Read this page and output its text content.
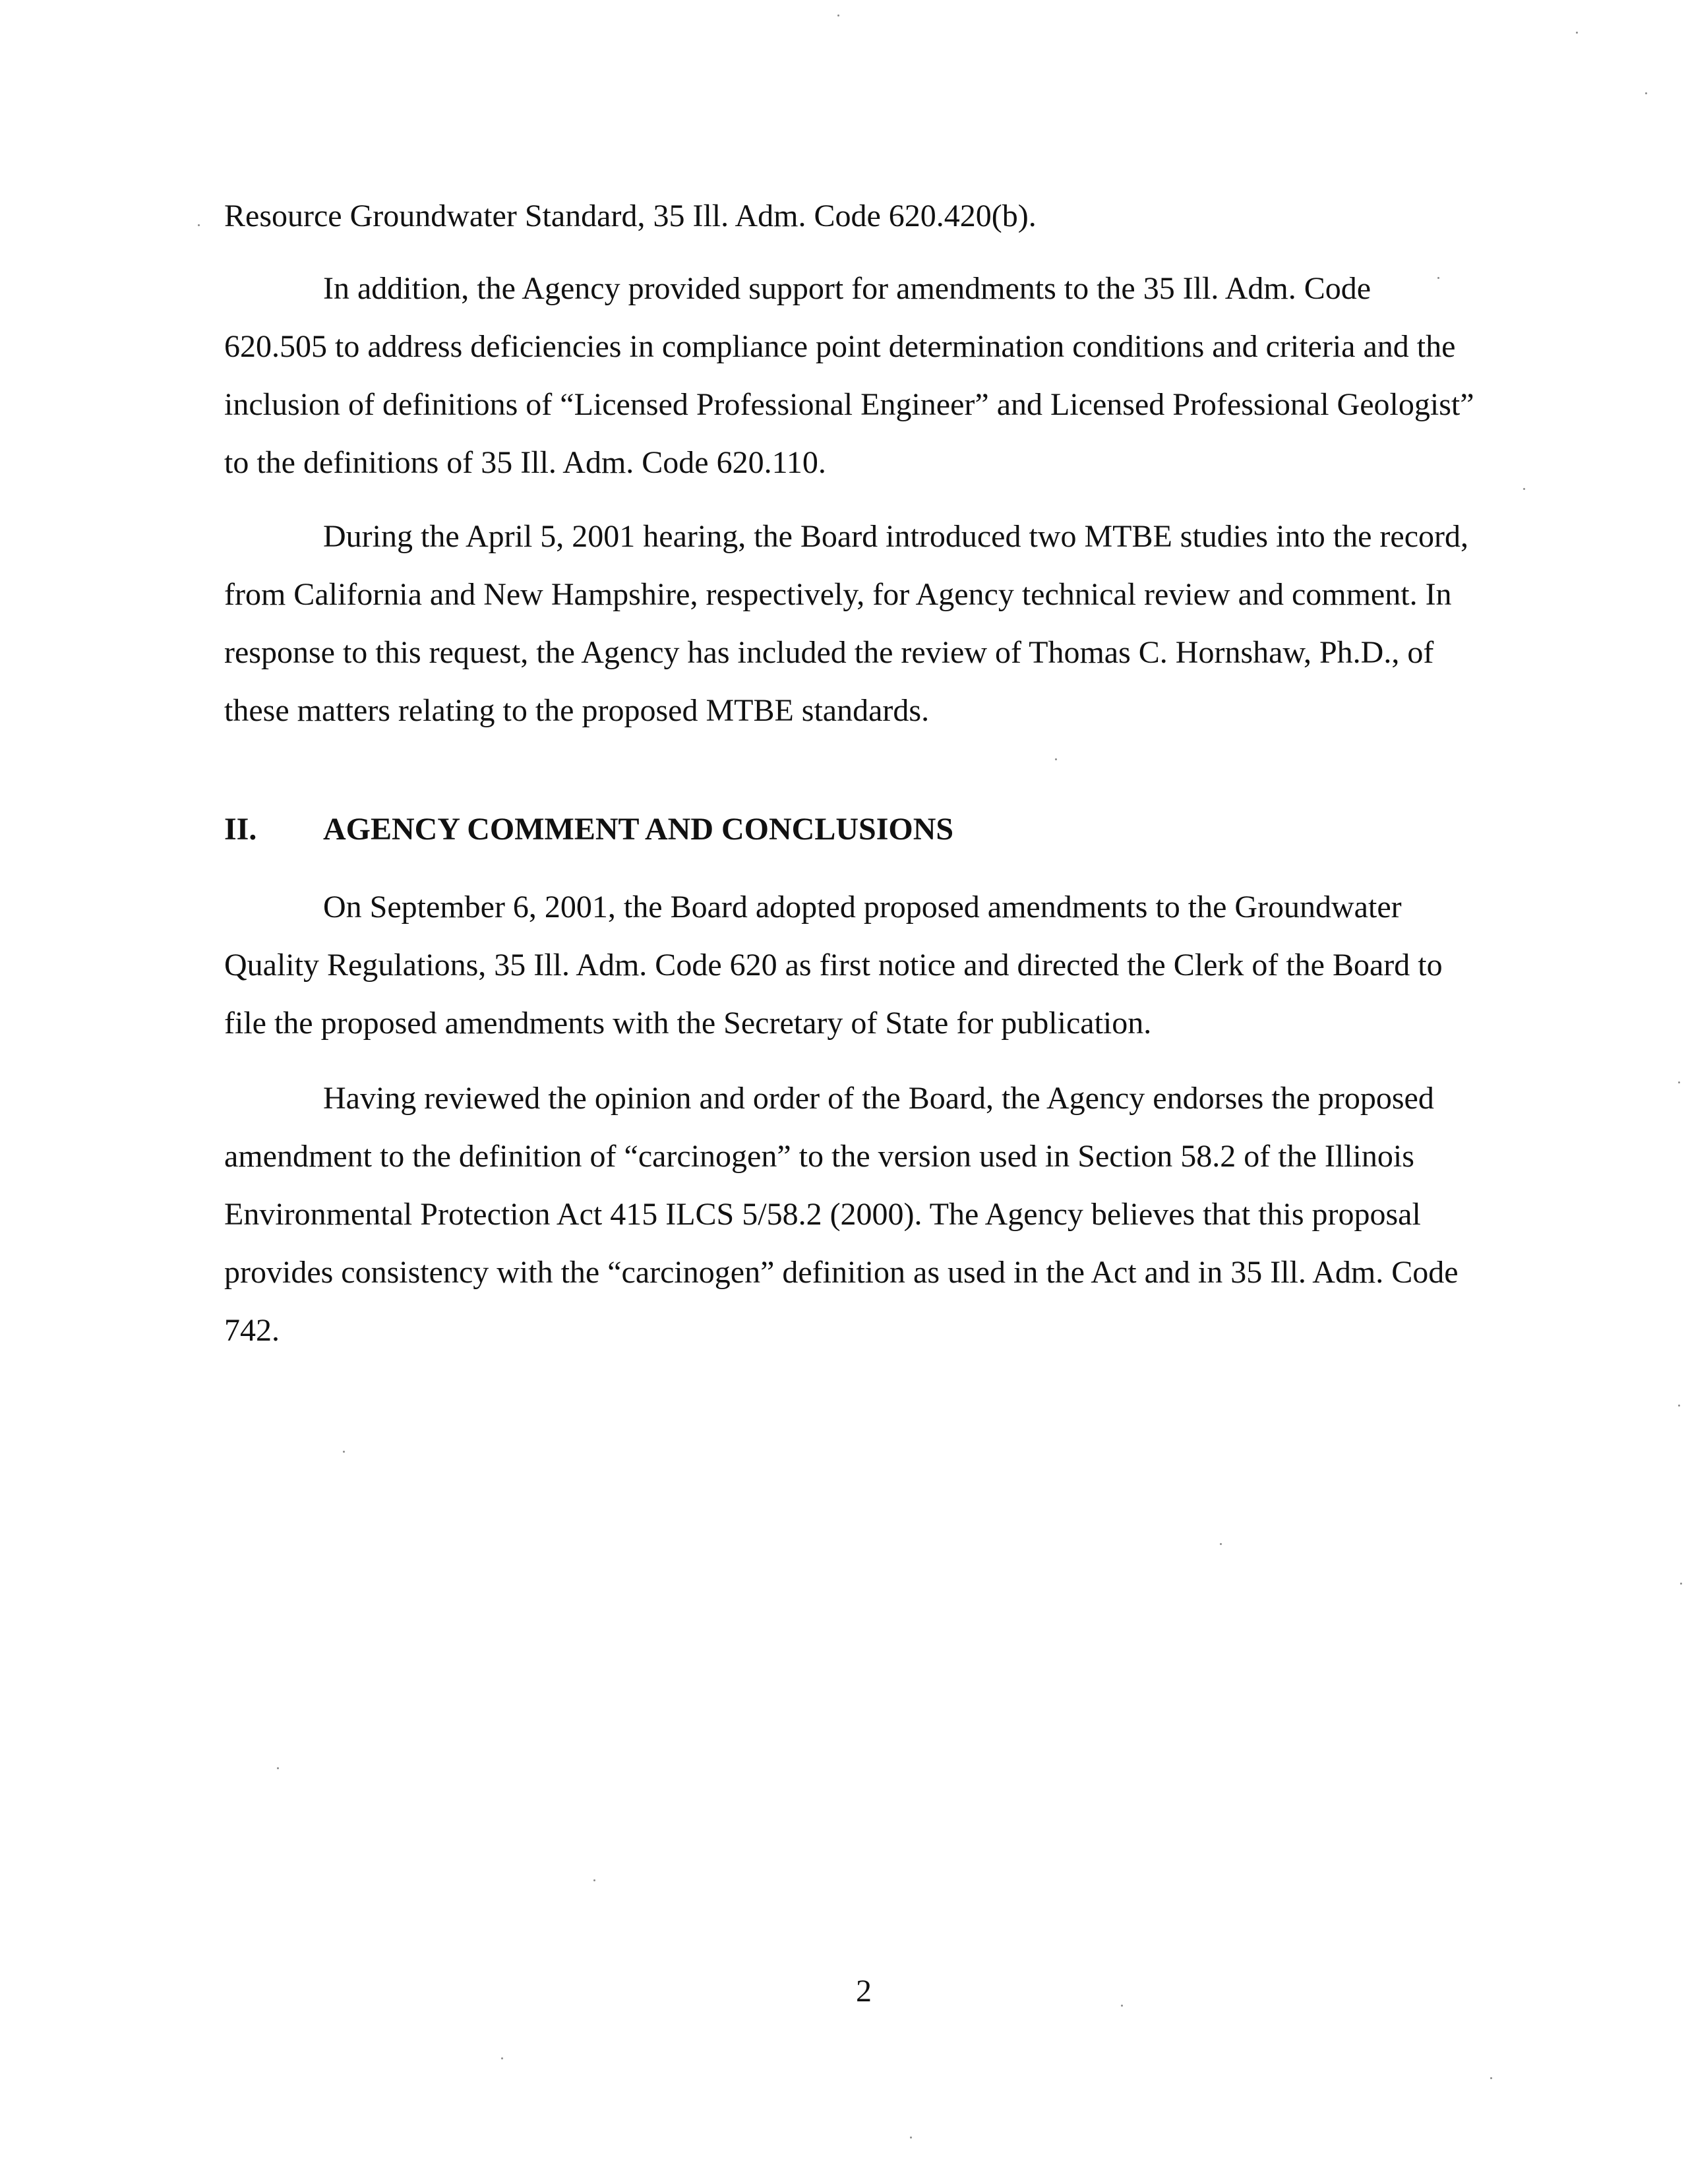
Resource Groundwater Standard, 35 Ill. Adm. Code 620.420(b).
In addition, the Agency provided support for amendments to the 35 Ill. Adm. Code
620.505 to address deficiencies in compliance point determination conditions and criteria and the
inclusion of definitions of “Licensed Professional Engineer” and Licensed Professional Geologist”
to the definitions of 35 Ill. Adm. Code 620.110.
During the April 5, 2001 hearing, the Board introduced two MTBE studies into the record,
from California and New Hampshire, respectively, for Agency technical review and comment. In
response to this request, the Agency has included the review of Thomas C. Hornshaw, Ph.D., of
these matters relating to the proposed MTBE standards.
II. AGENCY COMMENT AND CONCLUSIONS
On September 6, 2001, the Board adopted proposed amendments to the Groundwater
Quality Regulations, 35 Ill. Adm. Code 620 as first notice and directed the Clerk of the Board to
file the proposed amendments with the Secretary of State for publication.
Having reviewed the opinion and order of the Board, the Agency endorses the proposed
amendment to the definition of “carcinogen” to the version used in Section 58.2 of the Illinois
Environmental Protection Act 415 ILCS 5/58.2 (2000). The Agency believes that this proposal
provides consistency with the “carcinogen” definition as used in the Act and in 35 Ill. Adm. Code
742.
2
